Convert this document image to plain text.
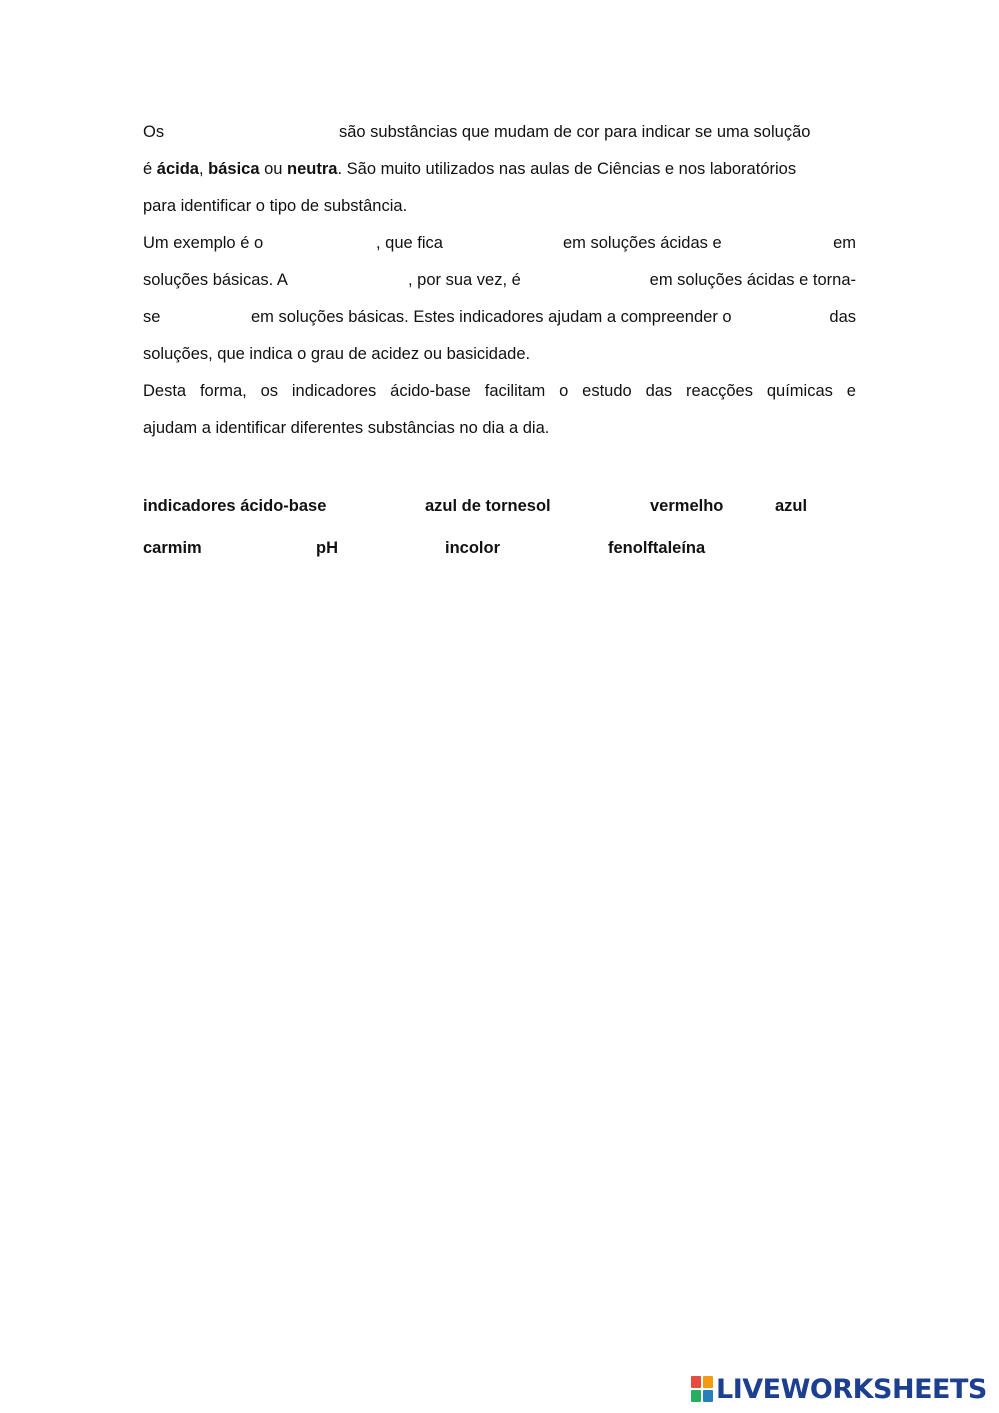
Os	são substâncias que mudam de cor para indicar se uma solução
é ácida, básica ou neutra. São muito utilizados nas aulas de Ciências e nos laboratórios
para identificar o tipo de substância.
Um exemplo é o	, que fica	em soluções ácidas e	em
soluções básicas. A	, por sua vez, é	em soluções ácidas e torna-
se	em soluções básicas. Estes indicadores ajudam a compreender o	das
soluções, que indica o grau de acidez ou basicidade.
Desta forma, os indicadores ácido-base facilitam o estudo das reacções químicas e
ajudam a identificar diferentes substâncias no dia a dia.
indicadores ácido-base	azul de tornesol	vermelho	azul
carmim	pH	incolor	fenolftaleína
LIVEWORKSHEETS
